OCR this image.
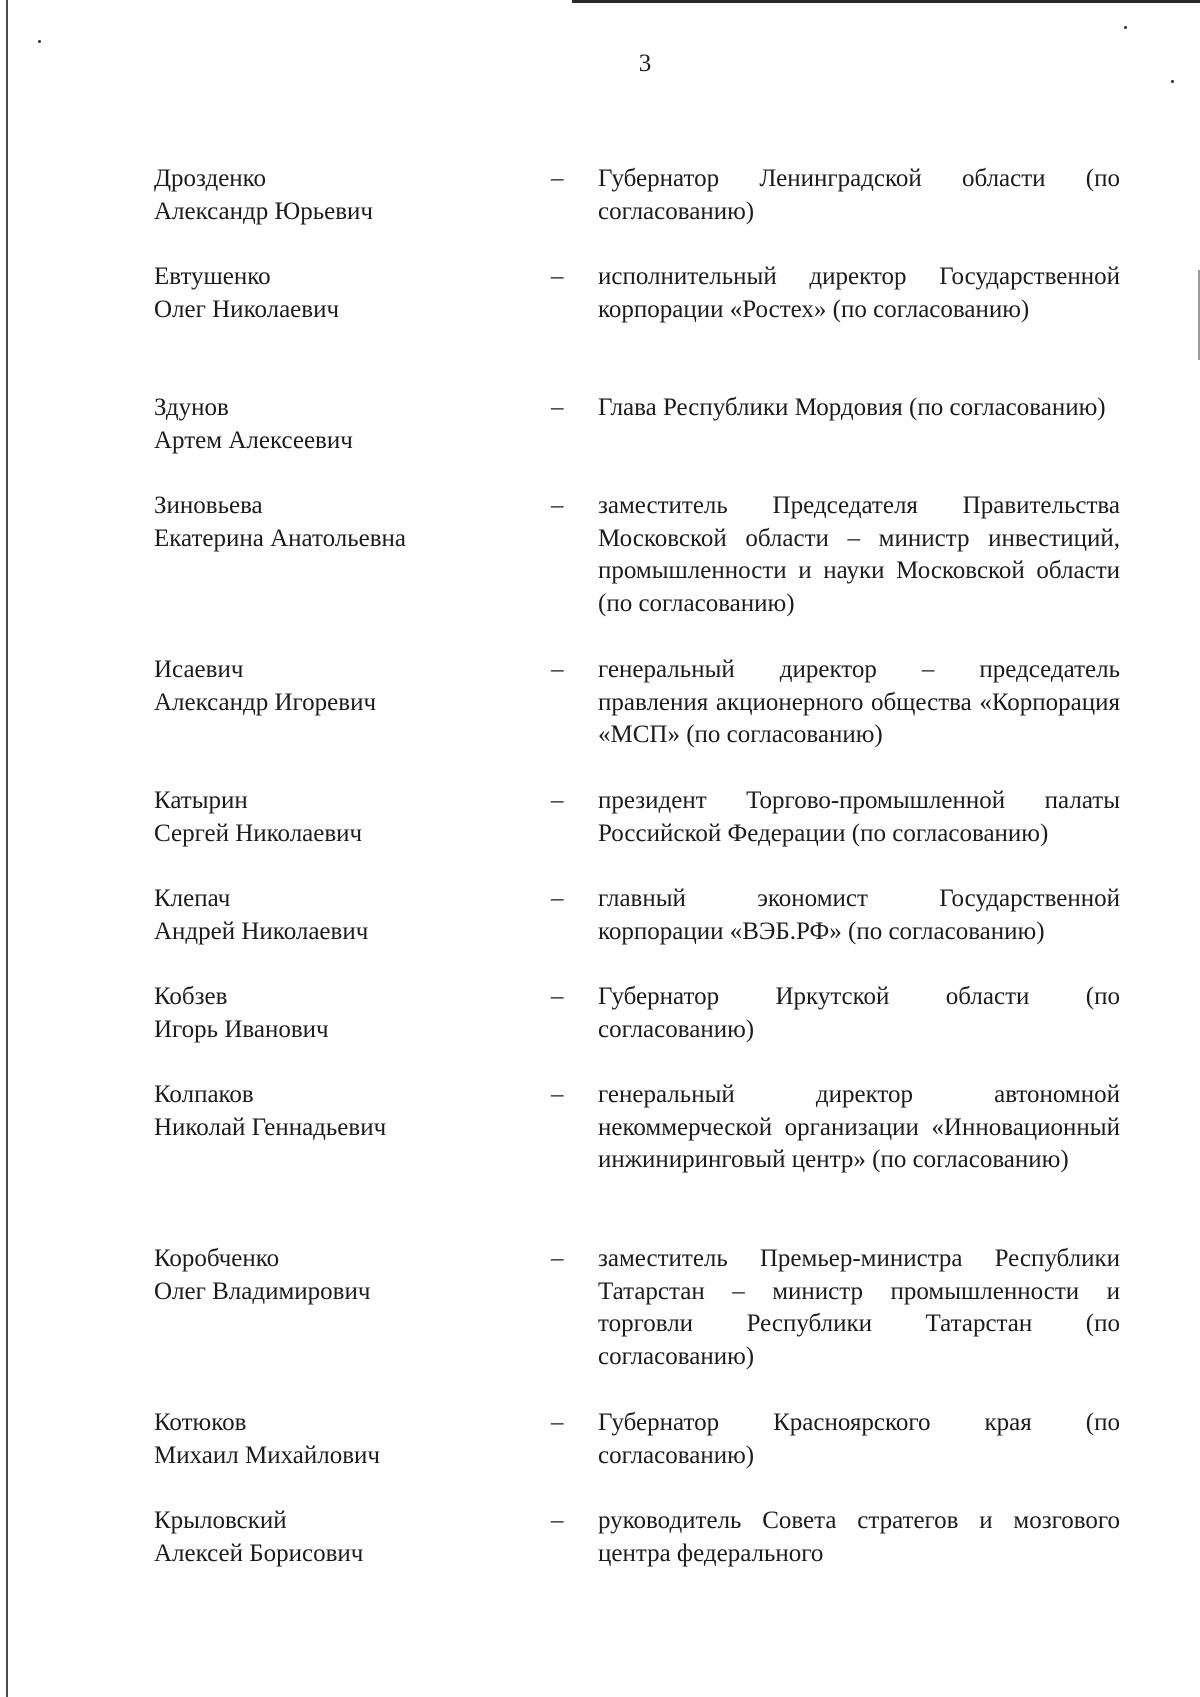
3
Дрозденко
Александр Юрьевич
– Губернатор Ленинградской области (по согласованию)
Евтушенко
Олег Николаевич
– исполнительный директор Государственной корпорации «Ростех» (по согласованию)
Здунов
Артем Алексеевич
– Глава Республики Мордовия (по согласованию)
Зиновьева
Екатерина Анатольевна
– заместитель Председателя Правительства Московской области – министр инвестиций, промышленности и науки Московской области (по согласованию)
Исаевич
Александр Игоревич
– генеральный директор – председатель правления акционерного общества «Корпорация «МСП» (по согласованию)
Катырин
Сергей Николаевич
– президент Торгово-промышленной палаты Российской Федерации (по согласованию)
Клепач
Андрей Николаевич
– главный экономист Государственной корпорации «ВЭБ.РФ» (по согласованию)
Кобзев
Игорь Иванович
– Губернатор Иркутской области (по согласованию)
Колпаков
Николай Геннадьевич
– генеральный директор автономной некоммерческой организации «Инновационный инжиниринговый центр» (по согласованию)
Коробченко
Олег Владимирович
– заместитель Премьер-министра Республики Татарстан – министр промышленности и торговли Республики Татарстан (по согласованию)
Котюков
Михаил Михайлович
– Губернатор Красноярского края (по согласованию)
Крыловский
Алексей Борисович
– руководитель Совета стратегов и мозгового центра федерального
